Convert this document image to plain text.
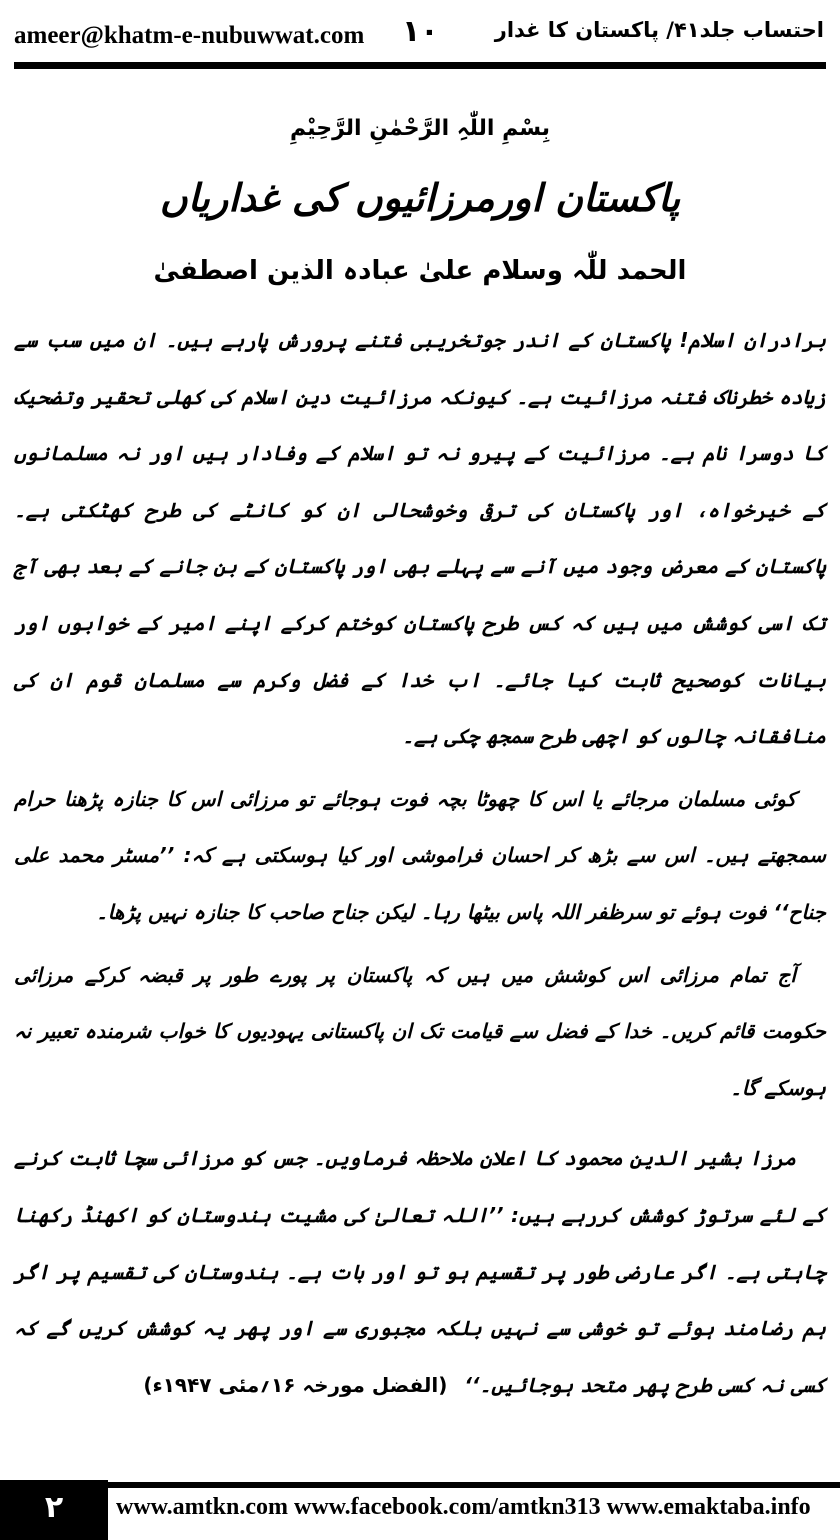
ameer@khatm-e-nubuwwat.com ۱۰	احتساب جلد۴۱/ پاکستان کا غدار
بِسْمِ اللّٰہِ الرَّحْمٰنِ الرَّحِیْمِ
پاکستان اورمرزائیوں کی غداریاں
الحمد للّٰہ وسلام علیٰ عبادہ الذین اصطفیٰ

برادران اسلام! پاکستان کے اندر جوتخریبی فتنے پرورش پارہے ہیں۔ ان میں سب سے زیادہ خطرناک فتنہ مرزائیت ہے۔ کیونکہ مرزائیت دین اسلام کی کھلی تحقیر وتضحیک کا دوسرا نام ہے۔ مرزائیت کے پیرو نہ تو اسلام کے وفادار ہیں اور نہ مسلمانوں کے خیرخواہ، اور پاکستان کی ترقی وخوشحالی ان کو کانٹے کی طرح کھٹکتی ہے۔ پاکستان کے معرض وجود میں آنے سے پہلے بھی اور پاکستان کے بن جانے کے بعد بھی آج تک اسی کوشش میں ہیں کہ کس طرح پاکستان کوختم کرکے اپنے امیر کے خوابوں اور بیانات کوصحیح ثابت کیا جائے۔ اب خدا کے فضل وکرم سے مسلمان قوم ان کی منافقانہ چالوں کو اچھی طرح سمجھ چکی ہے۔

کوئی مسلمان مرجائے یا اس کا چھوٹا بچہ فوت ہوجائے تو مرزائی اس کا جنازہ پڑھنا حرام سمجھتے ہیں۔ اس سے بڑھ کر احسان فراموشی اور کیا ہوسکتی ہے کہ: ’’مسٹر محمد علی جناح‘‘ فوت ہوئے تو سرظفر اللہ پاس بیٹھا رہا۔ لیکن جناح صاحب کا جنازہ نہیں پڑھا۔

آج تمام مرزائی اس کوشش میں ہیں کہ پاکستان پر پورے طور پر قبضہ کرکے مرزائی حکومت قائم کریں۔ خدا کے فضل سے قیامت تک ان پاکستانی یہودیوں کا خواب شرمندہ تعبیر نہ ہوسکے گا۔

مرزا بشیر الدین محمود کا اعلان ملاحظہ فرماویں۔ جس کو مرزائی سچا ثابت کرنے کے لئے سرتوڑ کوشش کررہے ہیں: ’’اللہ تعالیٰ کی مشیت ہندوستان کو اکھنڈ رکھنا چاہتی ہے۔ اگر عارضی طور پر تقسیم ہو تو اور بات ہے۔ ہندوستان کی تقسیم پر اگر ہم رضامند ہوئے تو خوشی سے نہیں بلکہ مجبوری سے اور پھر یہ کوشش کریں گے کہ کسی نہ کسی طرح پھر متحد ہوجائیں۔‘‘ (الفضل مورخہ ۱۶؍مئی ۱۹۴۷ء)

۲	www.amtkn.com www.facebook.com/amtkn313 www.emaktaba.info
